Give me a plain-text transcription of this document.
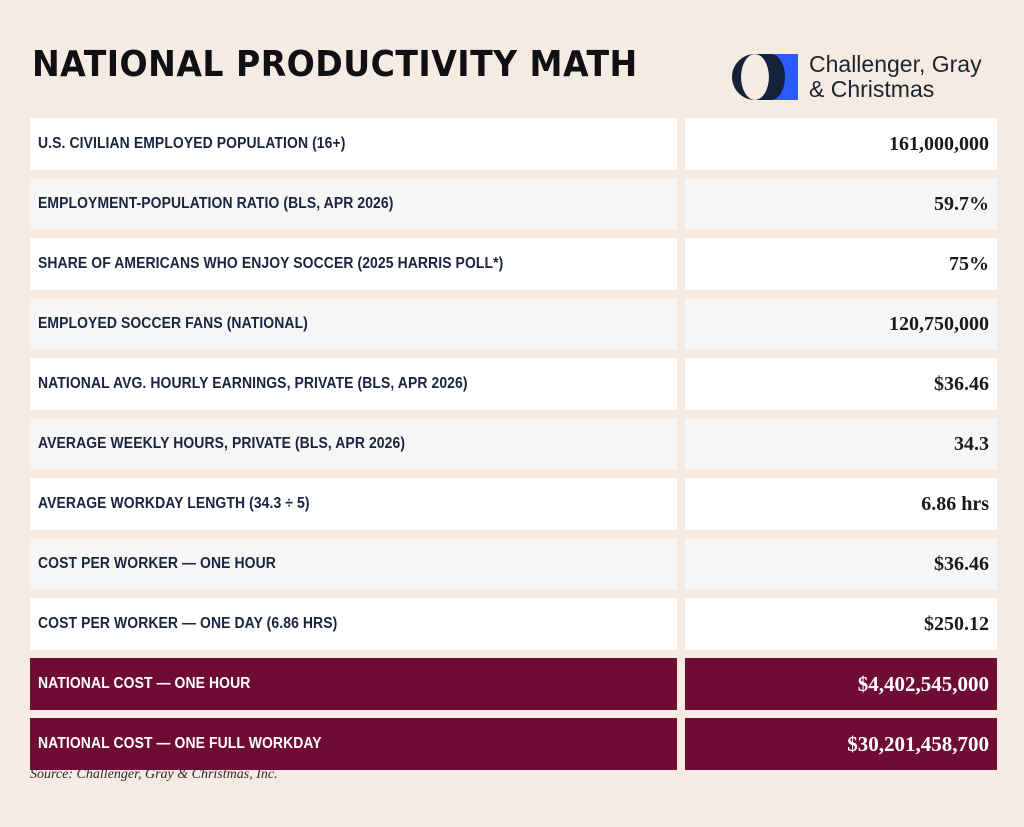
NATIONAL PRODUCTIVITY MATH	Challenger, Gray
& Christmas
U.S. CIVILIAN EMPLOYED POPULATION (16+)	161,000,000
EMPLOYMENT-POPULATION RATIO (BLS, APR 2026)	59.7%
SHARE OF AMERICANS WHO ENJOY SOCCER (2025 HARRIS POLL*)	75%
EMPLOYED SOCCER FANS (NATIONAL)	120,750,000
NATIONAL AVG. HOURLY EARNINGS, PRIVATE (BLS, APR 2026)	$36.46
AVERAGE WEEKLY HOURS, PRIVATE (BLS, APR 2026)	34.3
AVERAGE WORKDAY LENGTH (34.3 ÷ 5)	6.86 hrs
COST PER WORKER — ONE HOUR	$36.46
COST PER WORKER — ONE DAY (6.86 HRS)	$250.12
NATIONAL COST — ONE HOUR	$4,402,545,000
NATIONAL COST — ONE FULL WORKDAY	$30,201,458,700
Source: Challenger, Gray & Christmas, Inc.
